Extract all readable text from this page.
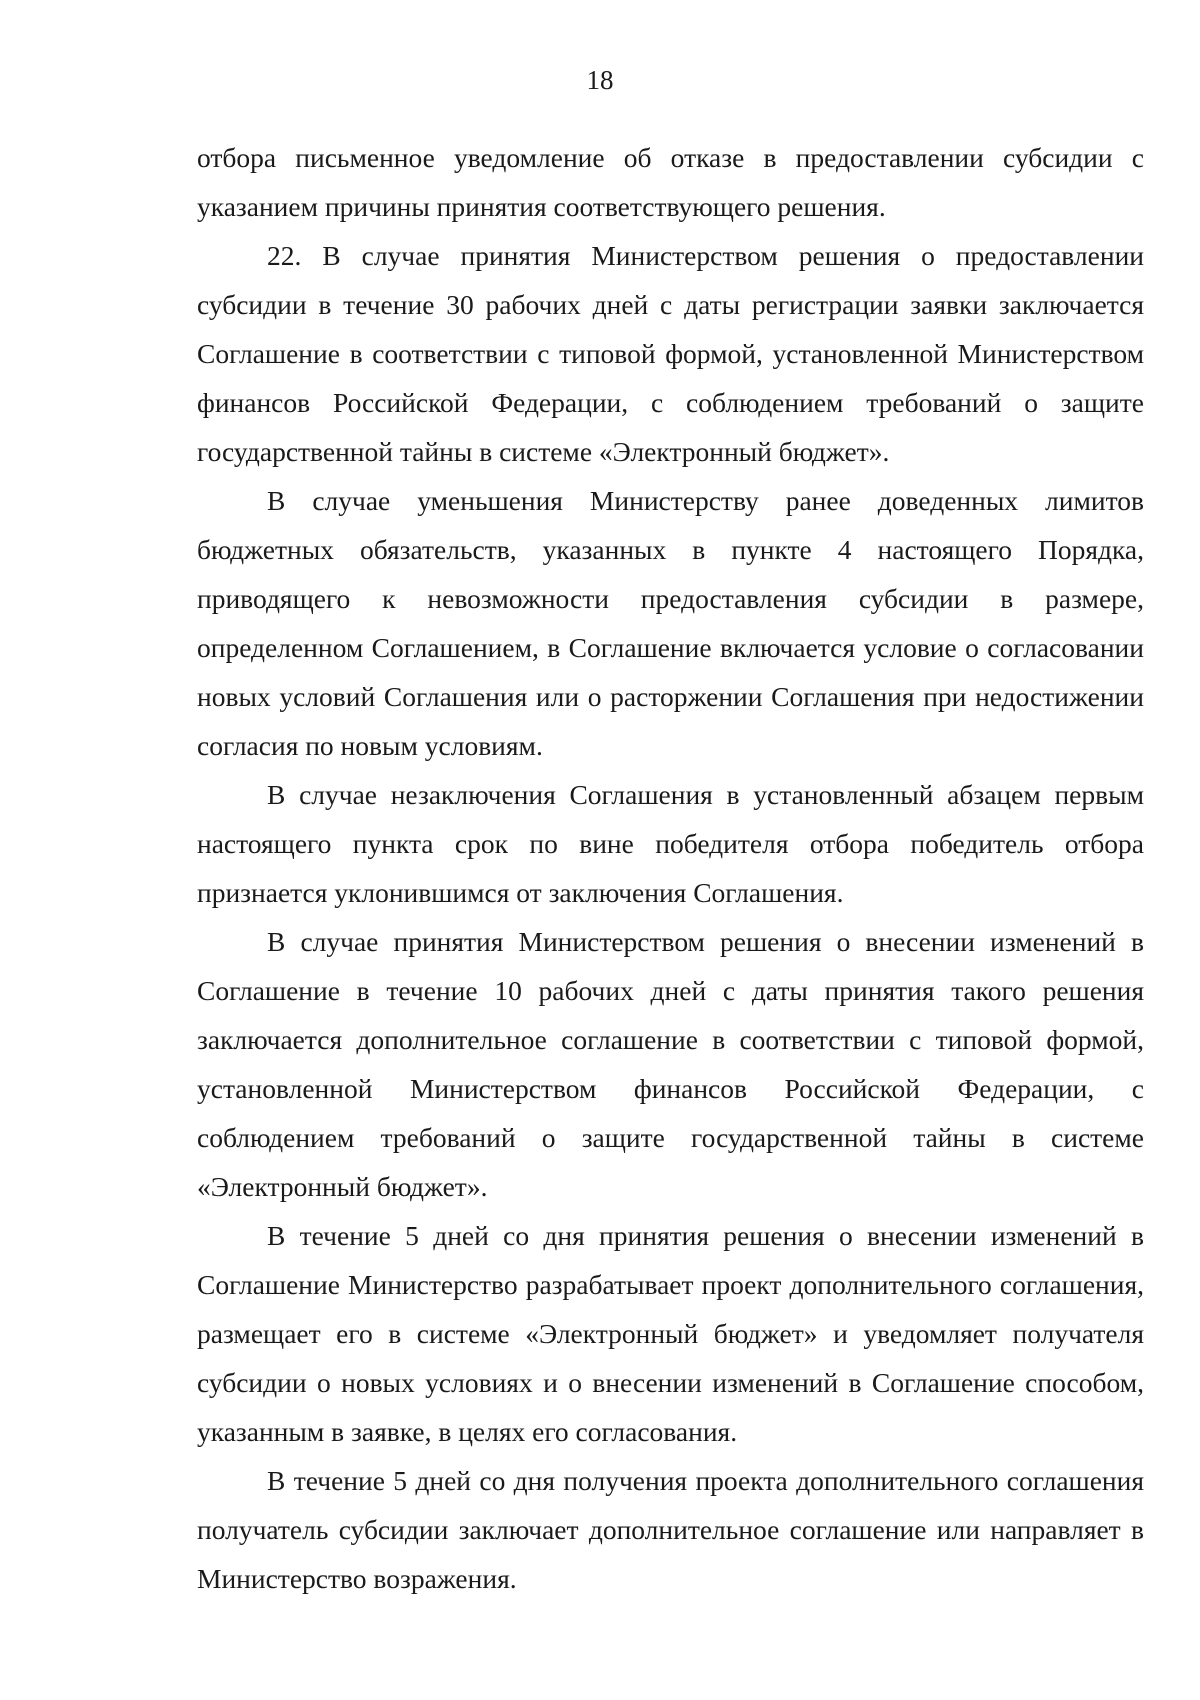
18

отбора письменное уведомление об отказе в предоставлении субсидии с указанием причины принятия соответствующего решения.

22. В случае принятия Министерством решения о предоставлении субсидии в течение 30 рабочих дней с даты регистрации заявки заключается Соглашение в соответствии с типовой формой, установленной Министерством финансов Российской Федерации, с соблюдением требований о защите государственной тайны в системе «Электронный бюджет».

В случае уменьшения Министерству ранее доведенных лимитов бюджетных обязательств, указанных в пункте 4 настоящего Порядка, приводящего к невозможности предоставления субсидии в размере, определенном Соглашением, в Соглашение включается условие о согласовании новых условий Соглашения или о расторжении Соглашения при недостижении согласия по новым условиям.

В случае незаключения Соглашения в установленный абзацем первым настоящего пункта срок по вине победителя отбора победитель отбора признается уклонившимся от заключения Соглашения.

В случае принятия Министерством решения о внесении изменений в Соглашение в течение 10 рабочих дней с даты принятия такого решения заключается дополнительное соглашение в соответствии с типовой формой, установленной Министерством финансов Российской Федерации, с соблюдением требований о защите государственной тайны в системе «Электронный бюджет».

В течение 5 дней со дня принятия решения о внесении изменений в Соглашение Министерство разрабатывает проект дополнительного соглашения, размещает его в системе «Электронный бюджет» и уведомляет получателя субсидии о новых условиях и о внесении изменений в Соглашение способом, указанным в заявке, в целях его согласования.

В течение 5 дней со дня получения проекта дополнительного соглашения получатель субсидии заключает дополнительное соглашение или направляет в Министерство возражения.
